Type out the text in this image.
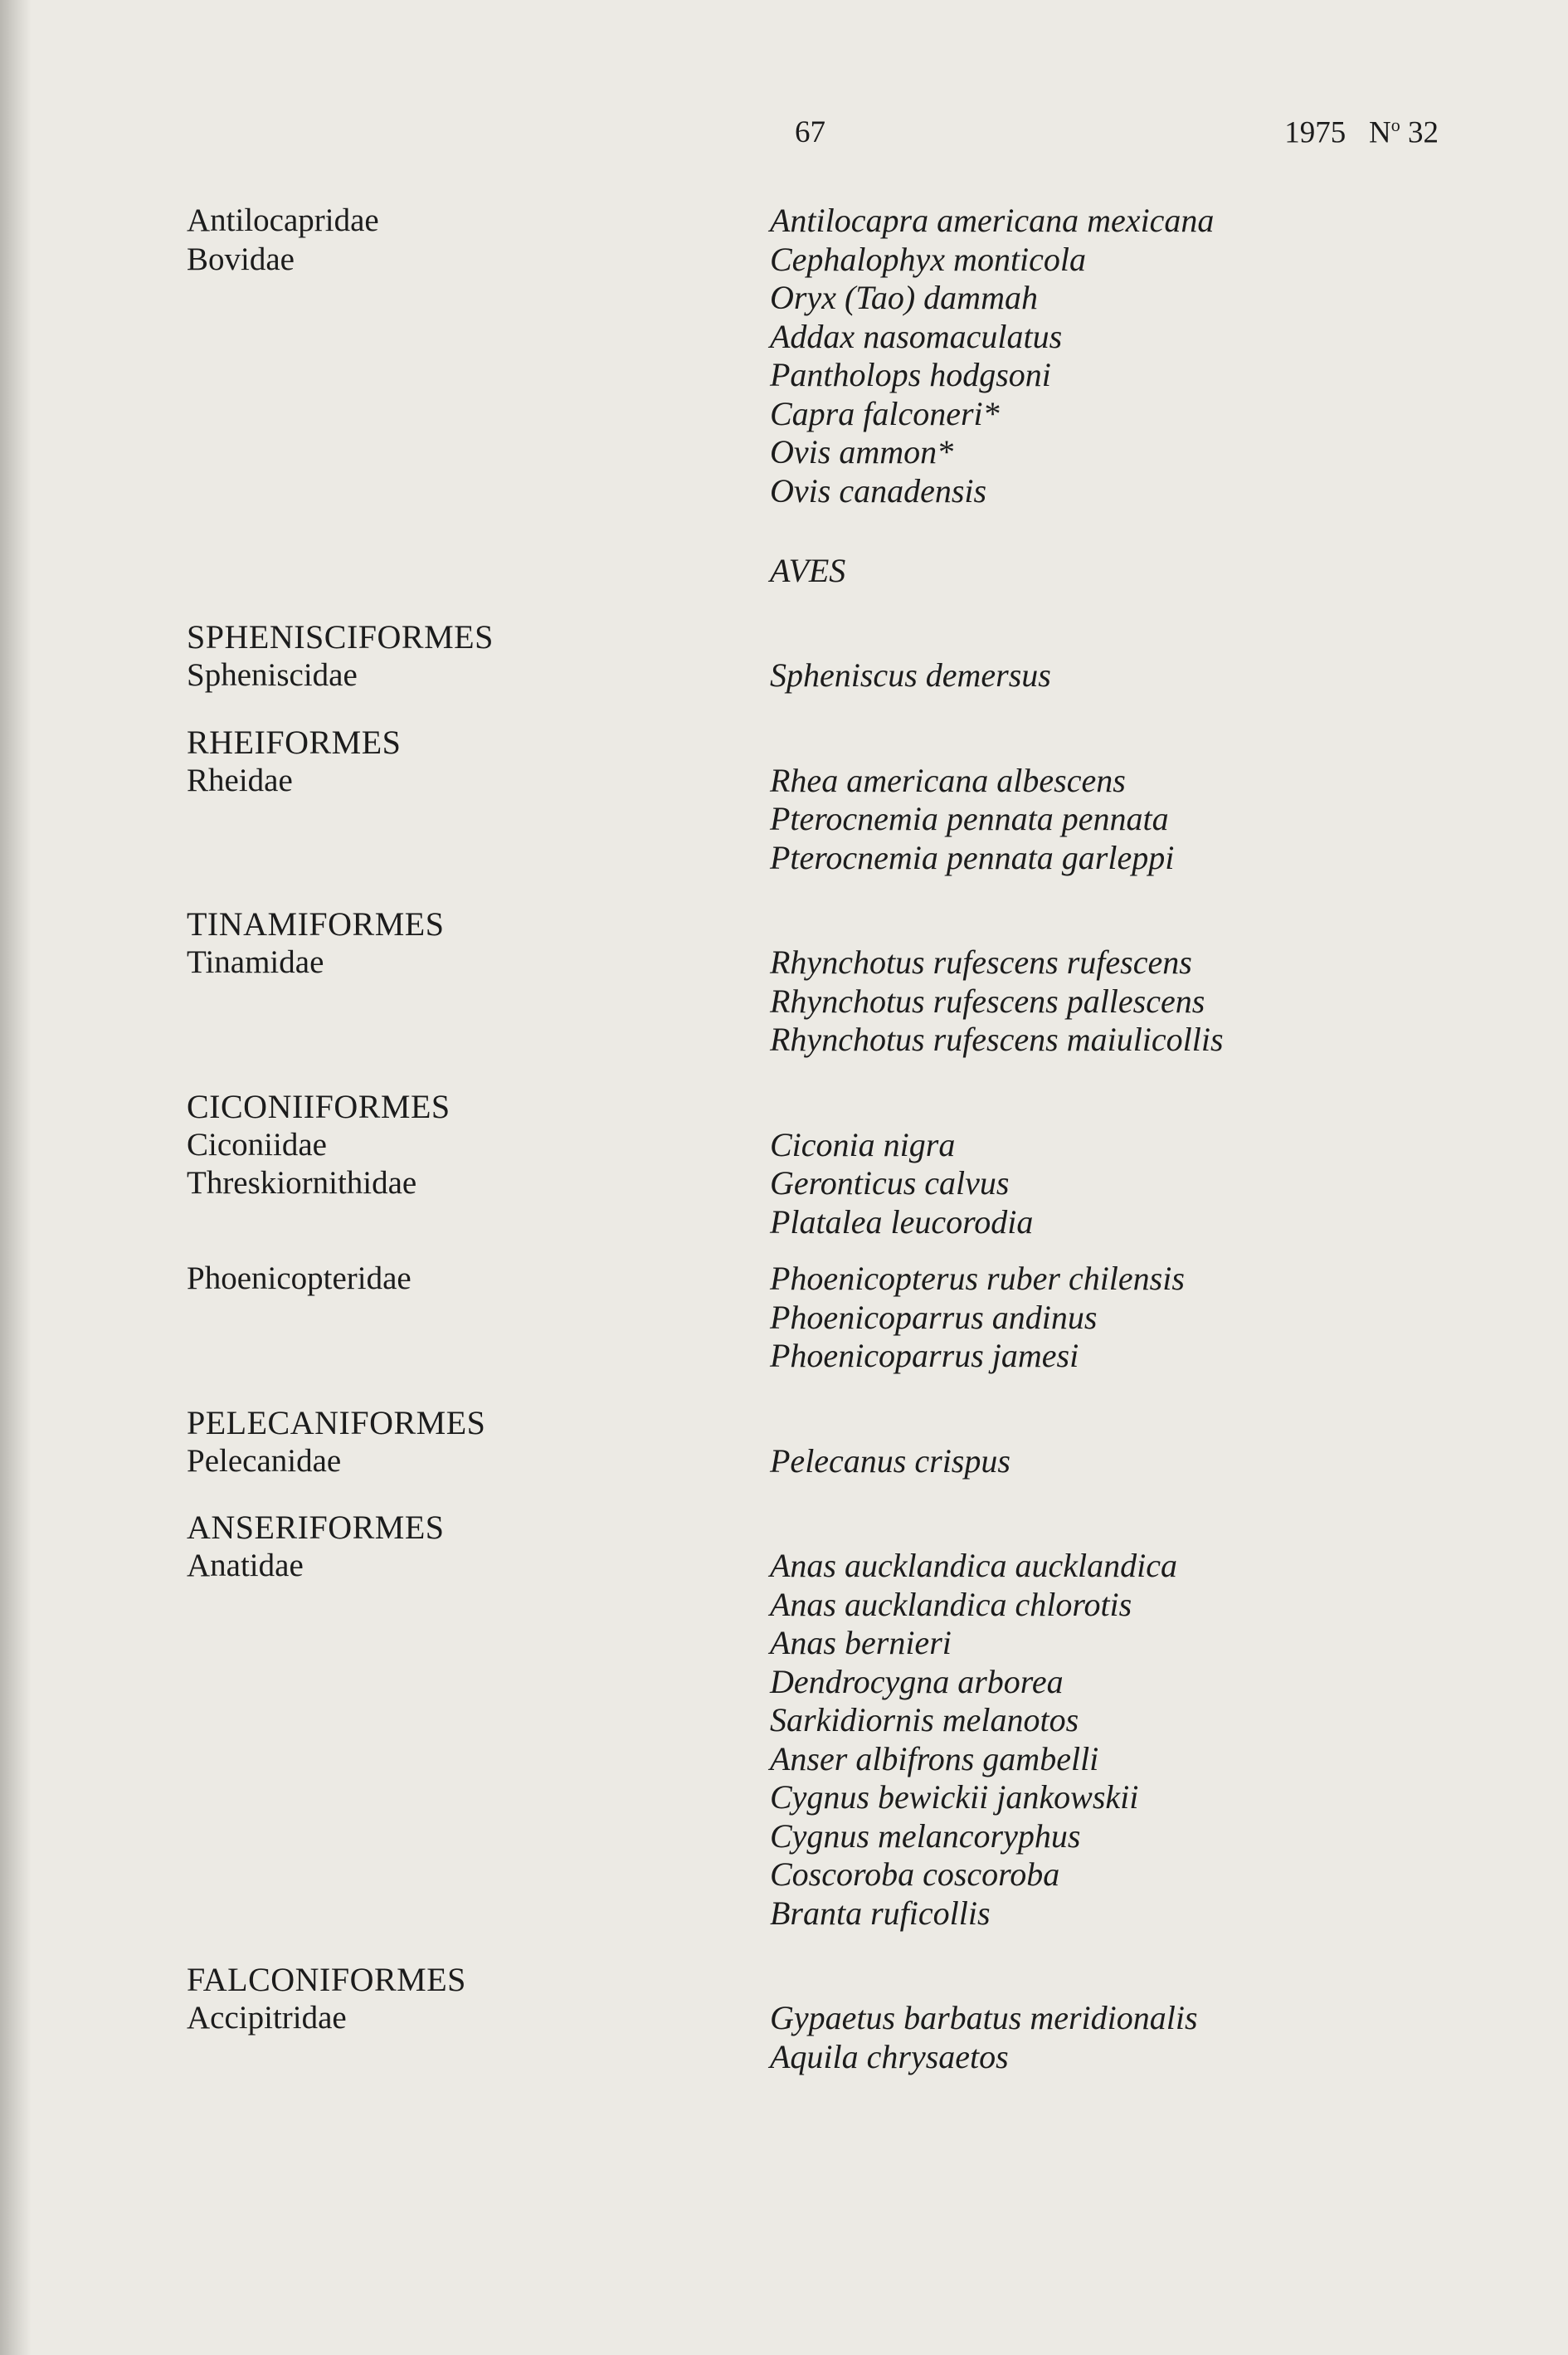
67	1975 $N^o$ 32
Antilocapridae	Antilocapra americana mexicana
Bovidae	Cephalophyx monticola
Oryx (Tao) dammah
Addax nasomaculatus
Pantholops hodgsoni
Capra falconeri*
Ovis ammon*
Ovis canadensis
AVES
SPHENISCIFORMES
Spheniscidae	Spheniscus demersus
RHEIFORMES
Rheidae	Rhea americana albescens
Pterocnemia pennata pennata
Pterocnemia pennata garleppi
TINAMIFORMES
Tinamidae	Rhynchotus rufescens rufescens
Rhynchotus rufescens pallescens
Rhynchotus rufescens maiulicollis
CICONIIFORMES
Ciconiidae	Ciconia nigra
Threskiornithidae	Geronticus calvus
Platalea leucorodia
Phoenicopteridae	Phoenicopterus ruber chilensis
Phoenicoparrus andinus
Phoenicoparrus jamesi
PELECANIFORMES
Pelecanidae	Pelecanus crispus
ANSERIFORMES
Anatidae	Anas aucklandica aucklandica
Anas aucklandica chlorotis
Anas bernieri
Dendrocygna arborea
Sarkidiornis melanotos
Anser albifrons gambelli
Cygnus bewickii jankowskii
Cygnus melancoryphus
Coscoroba coscoroba
Branta ruficollis
FALCONIFORMES
Accipitridae	Gypaetus barbatus meridionalis
Aquila chrysaetos
